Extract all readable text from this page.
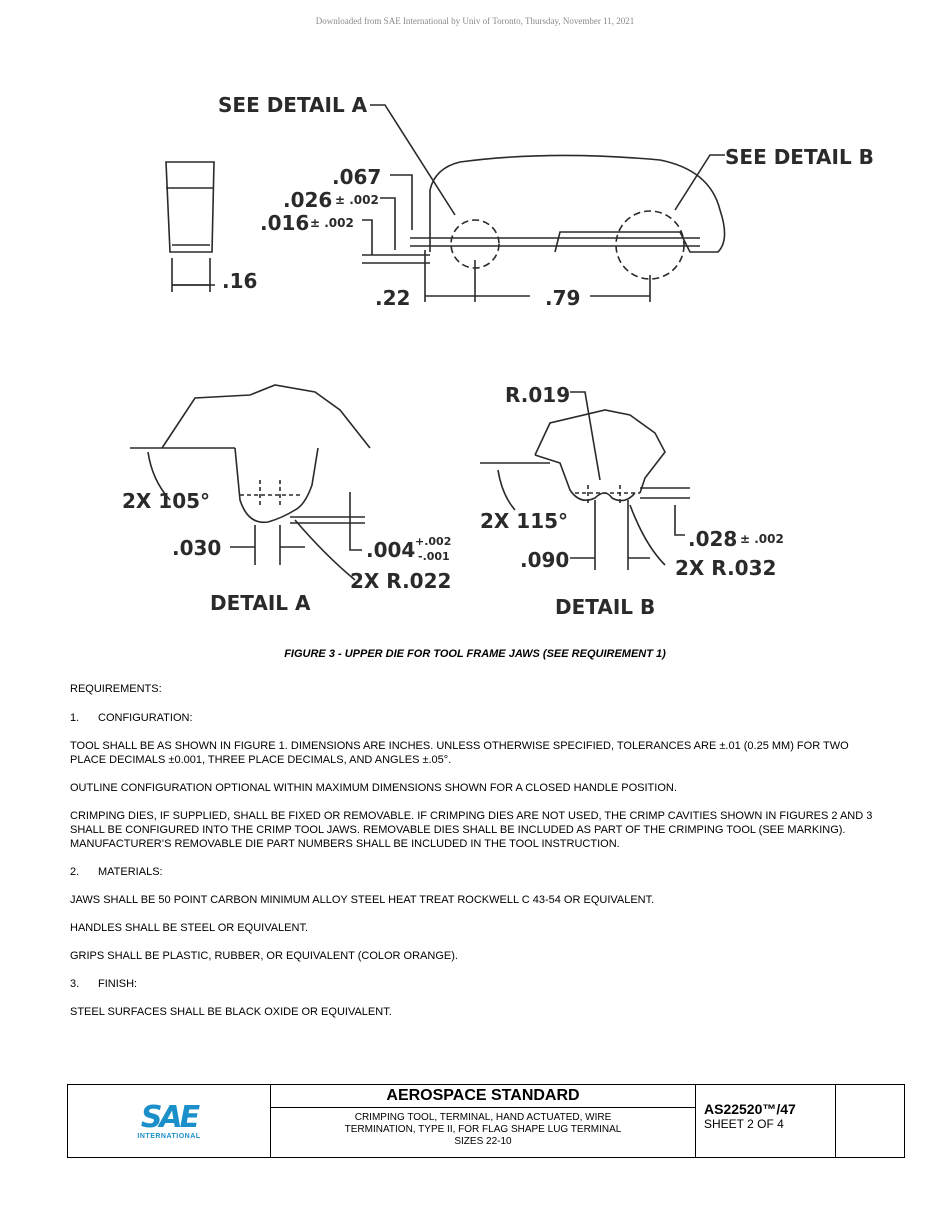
Downloaded from SAE International by Univ of Toronto, Thursday, November 11, 2021
SEE DETAIL A
SEE DETAIL B
.067
.026 ± .002
.016 ± .002
.16
.22	.79
2X 105°
.030	.004 +.002
-.001
2X R.022
DETAIL A
R.019
2X 115°
.090
.028 ± .002
2X R.032
DETAIL B
FIGURE 3 - UPPER DIE FOR TOOL FRAME JAWS (SEE REQUIREMENT 1)

REQUIREMENTS:

1.	CONFIGURATION:

TOOL SHALL BE AS SHOWN IN FIGURE 1. DIMENSIONS ARE INCHES. UNLESS OTHERWISE SPECIFIED, TOLERANCES ARE ±.01 (0.25 MM) FOR TWO PLACE DECIMALS ±0.001, THREE PLACE DECIMALS, AND ANGLES ±.05°.

OUTLINE CONFIGURATION OPTIONAL WITHIN MAXIMUM DIMENSIONS SHOWN FOR A CLOSED HANDLE POSITION.

CRIMPING DIES, IF SUPPLIED, SHALL BE FIXED OR REMOVABLE. IF CRIMPING DIES ARE NOT USED, THE CRIMP CAVITIES SHOWN IN FIGURES 2 AND 3 SHALL BE CONFIGURED INTO THE CRIMP TOOL JAWS. REMOVABLE DIES SHALL BE INCLUDED AS PART OF THE CRIMPING TOOL (SEE MARKING). MANUFACTURER’S REMOVABLE DIE PART NUMBERS SHALL BE INCLUDED IN THE TOOL INSTRUCTION.

2.	MATERIALS:

JAWS SHALL BE 50 POINT CARBON MINIMUM ALLOY STEEL HEAT TREAT ROCKWELL C 43-54 OR EQUIVALENT.

HANDLES SHALL BE STEEL OR EQUIVALENT.

GRIPS SHALL BE PLASTIC, RUBBER, OR EQUIVALENT (COLOR ORANGE).

3.	FINISH:

STEEL SURFACES SHALL BE BLACK OXIDE OR EQUIVALENT.

SAE
INTERNATIONAL
AEROSPACE STANDARD
CRIMPING TOOL, TERMINAL, HAND ACTUATED, WIRE
TERMINATION, TYPE II, FOR FLAG SHAPE LUG TERMINAL
SIZES 22-10
AS22520™/47
SHEET 2 OF 4
